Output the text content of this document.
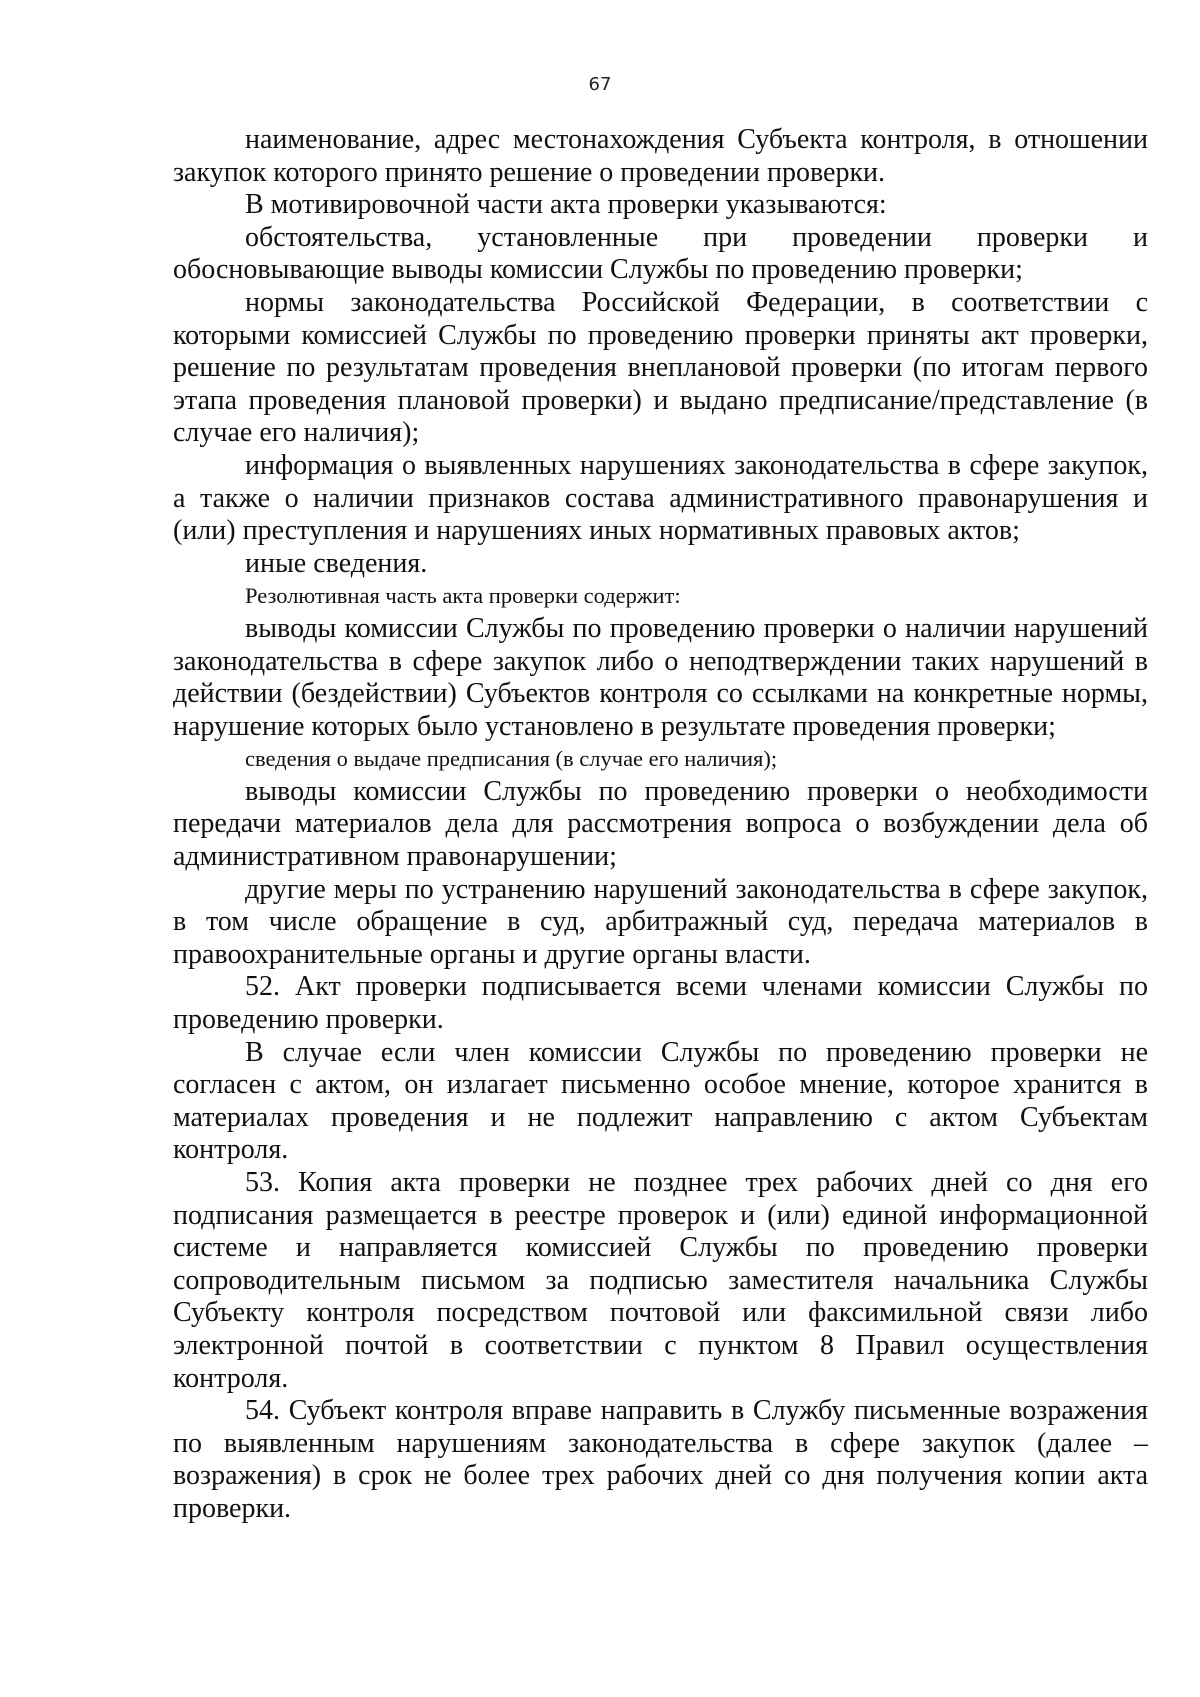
67

наименование, адрес местонахождения Субъекта контроля, в отношении закупок которого принято решение о проведении проверки.

В мотивировочной части акта проверки указываются:

обстоятельства, установленные при проведении проверки и обосновывающие выводы комиссии Службы по проведению проверки;

нормы законодательства Российской Федерации, в соответствии с которыми комиссией Службы по проведению проверки приняты акт проверки, решение по результатам проведения внеплановой проверки (по итогам первого этапа проведения плановой проверки) и выдано предписание/представление (в случае его наличия);

информация о выявленных нарушениях законодательства в сфере закупок, а также о наличии признаков состава административного правонарушения и (или) преступления и нарушениях иных нормативных правовых актов;

иные сведения.

Резолютивная часть акта проверки содержит:

выводы комиссии Службы по проведению проверки о наличии нарушений законодательства в сфере закупок либо о неподтверждении таких нарушений в действии (бездействии) Субъектов контроля со ссылками на конкретные нормы, нарушение которых было установлено в результате проведения проверки;

сведения о выдаче предписания (в случае его наличия);

выводы комиссии Службы по проведению проверки о необходимости передачи материалов дела для рассмотрения вопроса о возбуждении дела об административном правонарушении;

другие меры по устранению нарушений законодательства в сфере закупок, в том числе обращение в суд, арбитражный суд, передача материалов в правоохранительные органы и другие органы власти.

52. Акт проверки подписывается всеми членами комиссии Службы по проведению проверки.

В случае если член комиссии Службы по проведению проверки не согласен с актом, он излагает письменно особое мнение, которое хранится в материалах проведения и не подлежит направлению с актом Субъектам контроля.

53. Копия акта проверки не позднее трех рабочих дней со дня его подписания размещается в реестре проверок и (или) единой информационной системе и направляется комиссией Службы по проведению проверки сопроводительным письмом за подписью заместителя начальника Службы Субъекту контроля посредством почтовой или факсимильной связи либо электронной почтой в соответствии с пунктом 8 Правил осуществления контроля.

54. Субъект контроля вправе направить в Службу письменные возражения по выявленным нарушениям законодательства в сфере закупок (далее – возражения) в срок не более трех рабочих дней со дня получения копии акта проверки.
